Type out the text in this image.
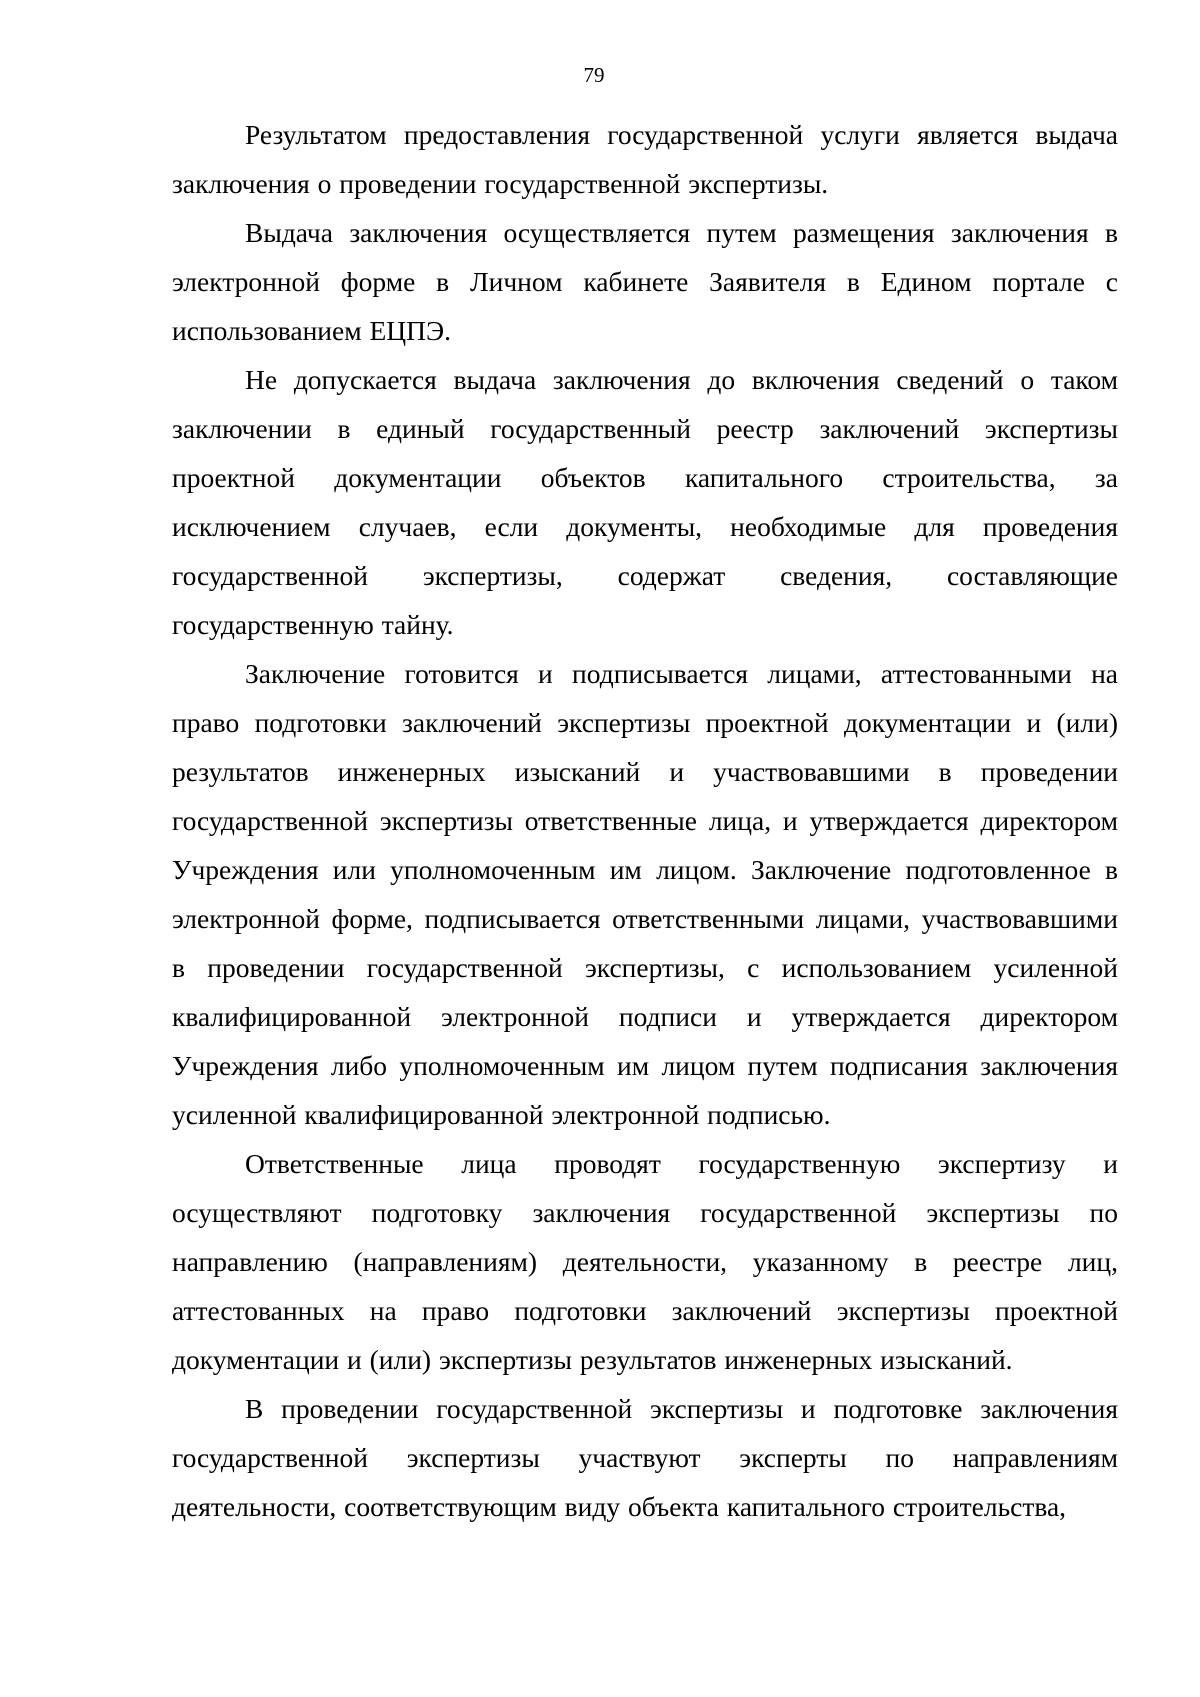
79

Результатом предоставления государственной услуги является выдача заключения о проведении государственной экспертизы.

Выдача заключения осуществляется путем размещения заключения в электронной форме в Личном кабинете Заявителя в Едином портале с использованием ЕЦПЭ.

Не допускается выдача заключения до включения сведений о таком заключении в единый государственный реестр заключений экспертизы проектной документации объектов капитального строительства, за исключением случаев, если документы, необходимые для проведения государственной экспертизы, содержат сведения, составляющие государственную тайну.

Заключение готовится и подписывается лицами, аттестованными на право подготовки заключений экспертизы проектной документации и (или) результатов инженерных изысканий и участвовавшими в проведении государственной экспертизы ответственные лица, и утверждается директором Учреждения или уполномоченным им лицом. Заключение подготовленное в электронной форме, подписывается ответственными лицами, участвовавшими в проведении государственной экспертизы, с использованием усиленной квалифицированной электронной подписи и утверждается директором Учреждения либо уполномоченным им лицом путем подписания заключения усиленной квалифицированной электронной подписью.

Ответственные лица проводят государственную экспертизу и осуществляют подготовку заключения государственной экспертизы по направлению (направлениям) деятельности, указанному в реестре лиц, аттестованных на право подготовки заключений экспертизы проектной документации и (или) экспертизы результатов инженерных изысканий.

В проведении государственной экспертизы и подготовке заключения государственной экспертизы участвуют эксперты по направлениям деятельности, соответствующим виду объекта капитального строительства,
